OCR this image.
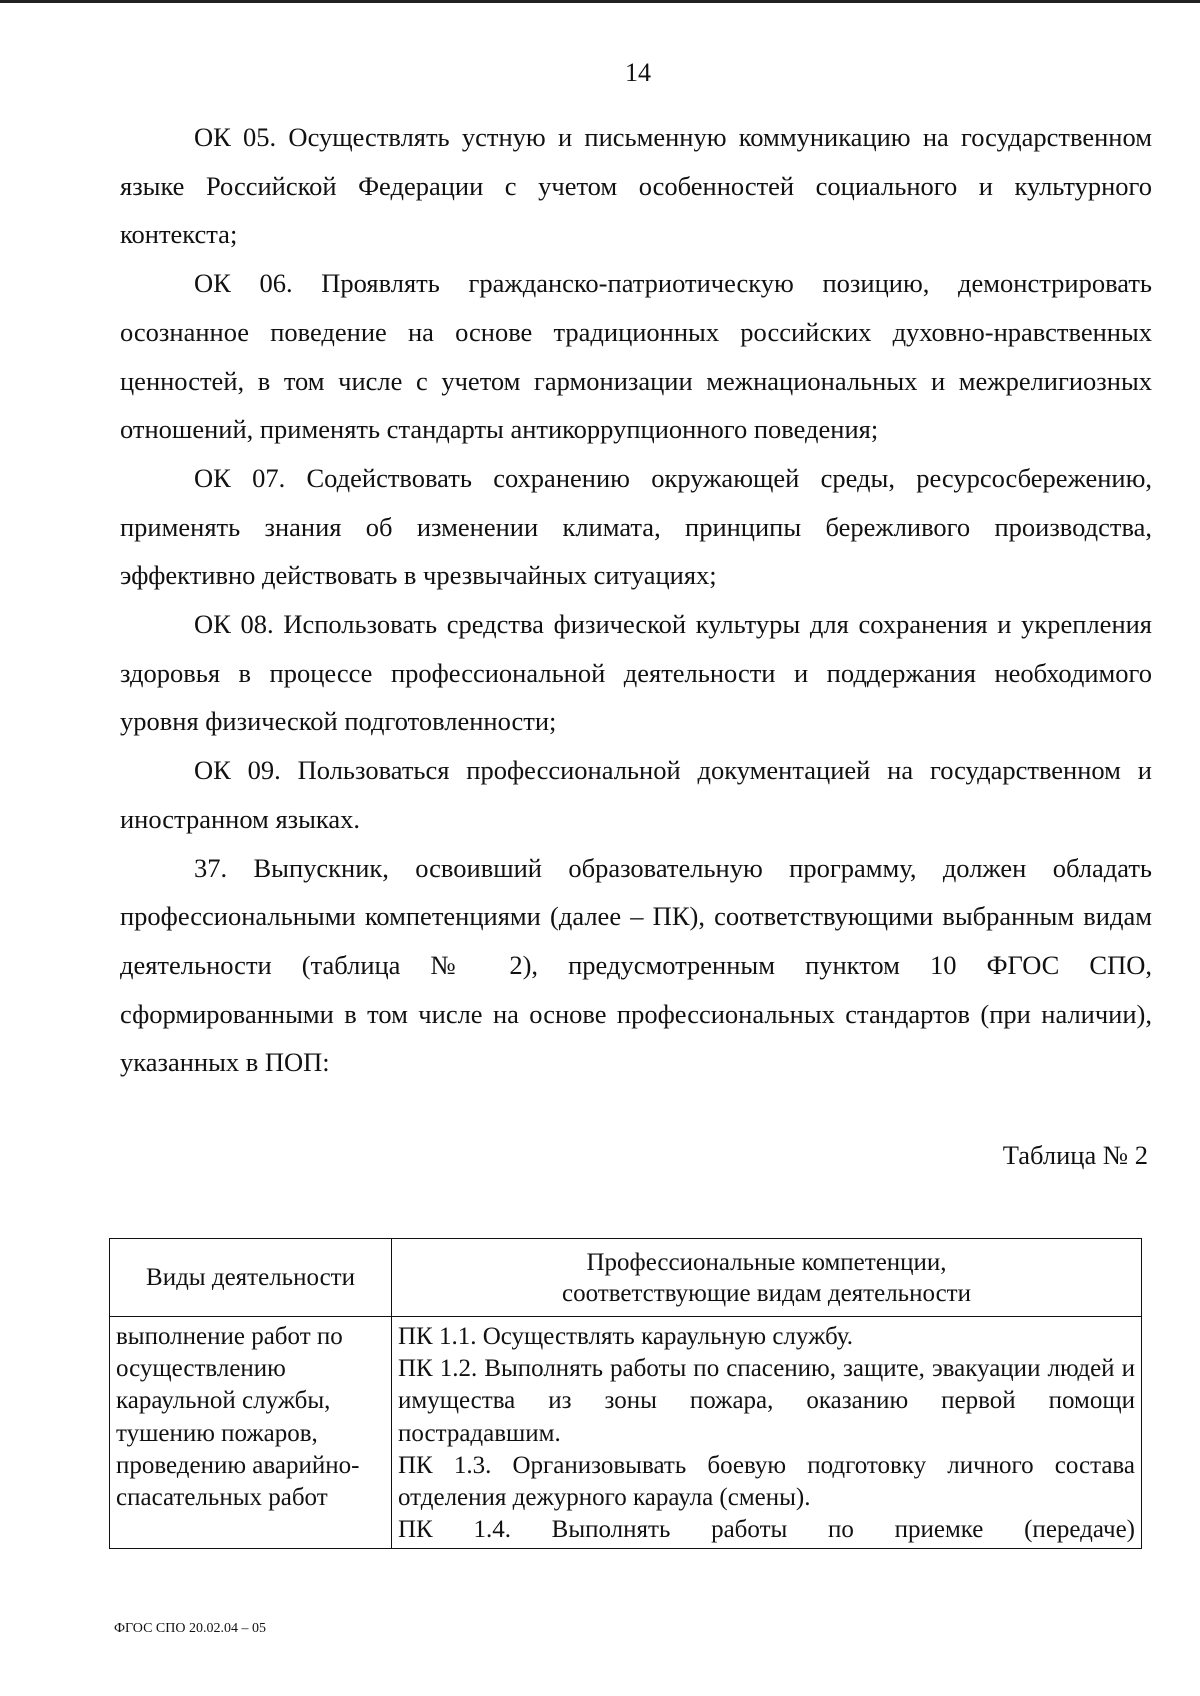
14

ОК 05. Осуществлять устную и письменную коммуникацию на государственном языке Российской Федерации с учетом особенностей социального и культурного контекста;

ОК 06. Проявлять гражданско-патриотическую позицию, демонстрировать осознанное поведение на основе традиционных российских духовно-нравственных ценностей, в том числе с учетом гармонизации межнациональных и межрелигиозных отношений, применять стандарты антикоррупционного поведения;

ОК 07. Содействовать сохранению окружающей среды, ресурсосбережению, применять знания об изменении климата, принципы бережливого производства, эффективно действовать в чрезвычайных ситуациях;

ОК 08. Использовать средства физической культуры для сохранения и укрепления здоровья в процессе профессиональной деятельности и поддержания необходимого уровня физической подготовленности;

ОК 09. Пользоваться профессиональной документацией на государственном и иностранном языках.

37. Выпускник, освоивший образовательную программу, должен обладать профессиональными компетенциями (далее – ПК), соответствующими выбранным видам деятельности (таблица № 2), предусмотренным пунктом 10 ФГОС СПО, сформированными в том числе на основе профессиональных стандартов (при наличии), указанных в ПОП:

Таблица № 2

Виды деятельности	Профессиональные компетенции,
соответствующие видам деятельности
выполнение работ по осуществлению караульной службы, тушению пожаров, проведению аварийно-спасательных работ	ПК 1.1. Осуществлять караульную службу.
ПК 1.2. Выполнять работы по спасению, защите, эвакуации людей и имущества из зоны пожара, оказанию первой помощи пострадавшим.
ПК 1.3. Организовывать боевую подготовку личного состава отделения дежурного караула (смены).
ПК 1.4. Выполнять работы по приемке (передаче)

ФГОС СПО 20.02.04 – 05
